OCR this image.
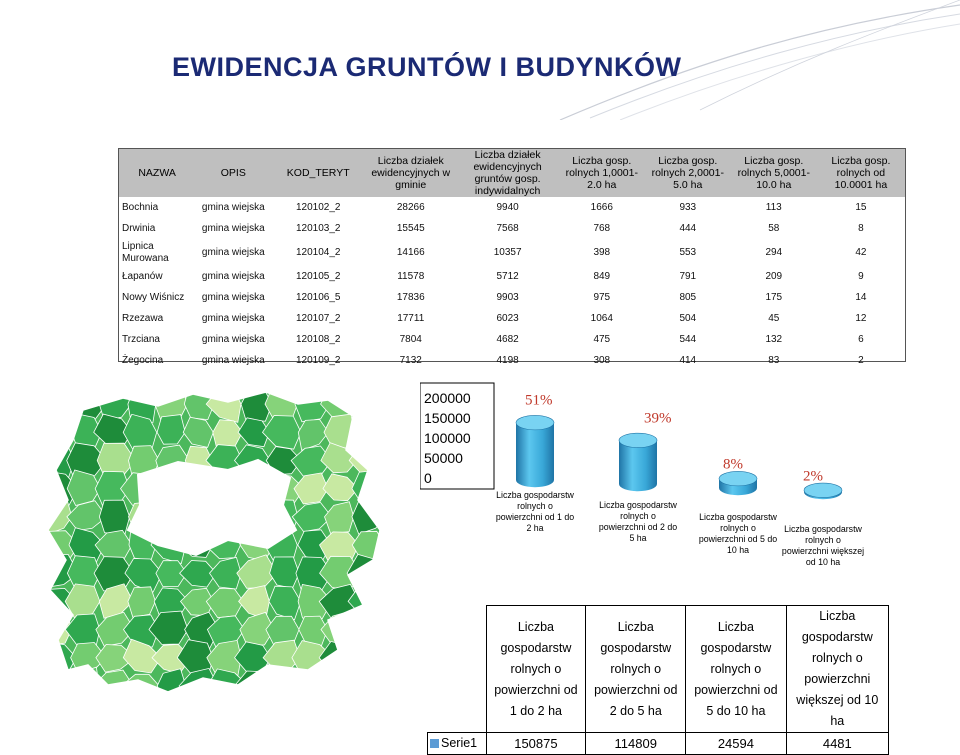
EWIDENCJA GRUNTÓW I BUDYNKÓW
NAZWA	OPIS	KOD_TERYT	Liczba działek ewidencyjnych w gminie	Liczba działek ewidencyjnych gruntów gosp. indywidalnych	Liczba gosp. rolnych 1,0001- 2.0 ha	Liczba gosp. rolnych 2,0001- 5.0 ha	Liczba gosp. rolnych 5,0001- 10.0 ha	Liczba gosp. rolnych od 10.0001 ha
Bochnia	gmina wiejska	120102_2	28266	9940	1666	933	113	15
Drwinia	gmina wiejska	120103_2	15545	7568	768	444	58	8
Lipnica Murowana	gmina wiejska	120104_2	14166	10357	398	553	294	42
Łapanów	gmina wiejska	120105_2	11578	5712	849	791	209	9
Nowy Wiśnicz	gmina wiejska	120106_5	17836	9903	975	805	175	14
Rzezawa	gmina wiejska	120107_2	17711	6023	1064	504	45	12
Trzciana	gmina wiejska	120108_2	7804	4682	475	544	132	6
Żegocina	gmina wiejska	120109_2	7132	4198	308	414	83	2
200000
150000
100000
50000
0
51%
39%
8%
2%
Liczba gospodarstw rolnych o powierzchni od 1 do 2 ha
Liczba gospodarstw rolnych o powierzchni od 2 do 5 ha
Liczba gospodarstw rolnych o powierzchni od 5 do 10 ha
Liczba gospodarstw rolnych o powierzchni większej od 10 ha
	Liczba gospodarstw rolnych o powierzchni od 1 do 2 ha	Liczba gospodarstw rolnych o powierzchni od 2 do 5 ha	Liczba gospodarstw rolnych o powierzchni od 5 do 10 ha	Liczba gospodarstw rolnych o powierzchni większej od 10 ha
Serie1	150875	114809	24594	4481
